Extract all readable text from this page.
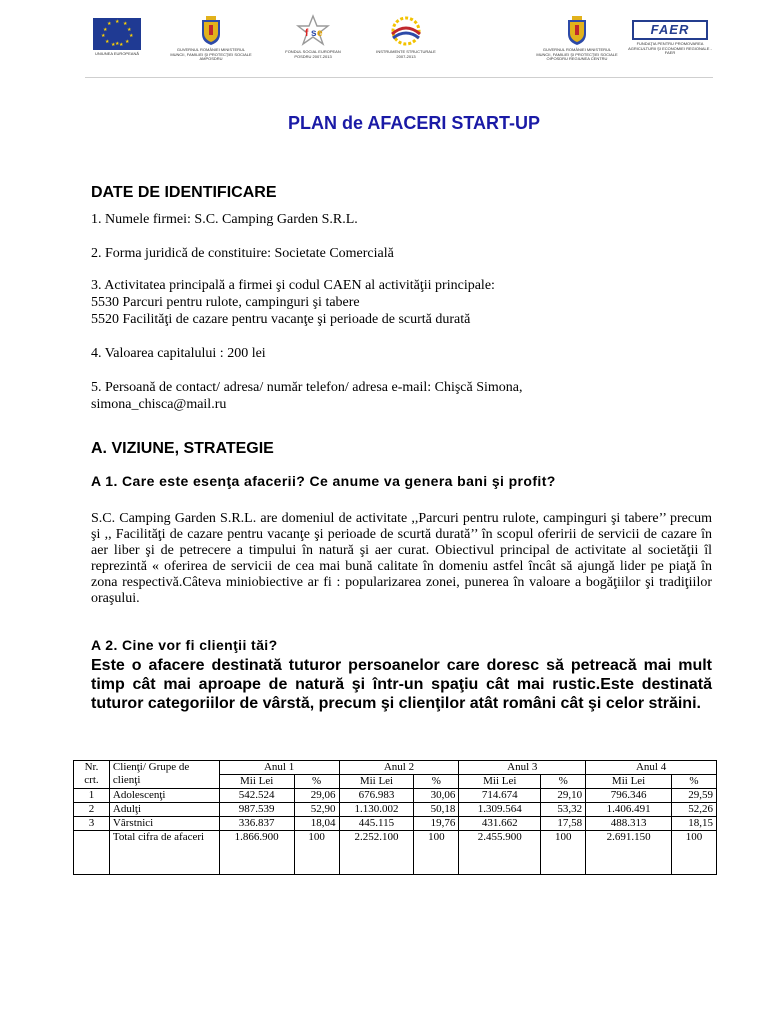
★ ★
★
★
★
★
★
★
★
★
★
★
UNIUNEA EUROPEANĂ
GUVERNUL ROMÂNIEI MINISTERUL MUNCII, FAMILIEI ŞI PROTECŢIEI SOCIALE AMPOSDRU
f s e
FONDUL SOCIAL EUROPEAN POSDRU 2007-2013
INSTRUMENTE STRUCTURALE 2007-2013
GUVERNUL ROMÂNIEI MINISTERUL MUNCII, FAMILIEI ŞI PROTECŢIEI SOCIALE OIPOSDRU REGIUNEA CENTRU
FAER
FUNDAŢIA PENTRU PROMOVAREA AGRICULTURII ŞI ECONOMIEI REGIONALE - FAER
PLAN de AFACERI START-UP
DATE DE IDENTIFICARE
1. Numele firmei: S.C. Camping Garden S.R.L.
2. Forma juridică de constituire: Societate Comercială
3. Activitatea principală a firmei şi codul CAEN al activităţii principale:
5530 Parcuri pentru rulote, campinguri şi tabere
5520 Facilităţi de cazare pentru vacanţe şi perioade de scurtă durată
4. Valoarea capitalului : 200 lei
5. Persoană de contact/ adresa/ număr telefon/ adresa e-mail: Chişcă Simona,
simona_chisca@mail.ru
A. VIZIUNE, STRATEGIE
A 1. Care este esenţa afacerii? Ce anume va genera bani şi profit?
S.C. Camping Garden S.R.L. are domeniul de activitate ,,Parcuri pentru rulote, campinguri şi tabere’’ precum şi ,, Facilităţi de cazare pentru vacanţe şi perioade de scurtă durată’’ în scopul oferirii de servicii de cazare în aer liber şi de petrecere a timpului în natură şi aer curat. Obiectivul principal de activitate al societăţii îl reprezintă « oferirea de servicii de cea mai bună calitate în domeniu astfel încât să ajungă lider pe piaţă în zona respectivă.Câteva miniobiective ar fi : popularizarea zonei, punerea în valoare a bogăţiilor şi tradiţiilor oraşului.
A 2. Cine vor fi clienţii tăi?
Este o afacere destinată tuturor persoanelor care doresc să petreacă mai mult timp cât mai aproape de natură şi într-un spaţiu cât mai rustic.Este destinată tuturor categoriilor de vârstă, precum şi clienţilor atât români cât şi celor străini.
Nr. crt.	Clienţi/ Grupe de clienţi	Anul 1		Anul 2		Anul 3		Anul 4	
		Mii Lei	%	Mii Lei	%	Mii Lei	%	Mii Lei	%
1	Adolescenţi	542.524	29,06	676.983	30,06	714.674	29,10	796.346	29,59
2	Adulţi	987.539	52,90	1.130.002	50,18	1.309.564	53,32	1.406.491	52,26
3	Vârstnici	336.837	18,04	445.115	19,76	431.662	17,58	488.313	18,15
	Total cifra de afaceri	1.866.900	100	2.252.100	100	2.455.900	100	2.691.150	100
